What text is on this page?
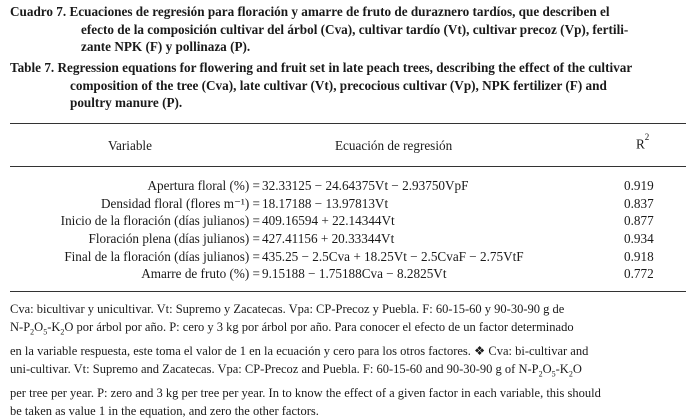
Cuadro 7. Ecuaciones de regresión para floración y amarre de fruto de duraznero tardíos, que describen el
efecto de la composición cultivar del árbol (Cva), cultivar tardío (Vt), cultivar precoz (Vp), fertili-
zante NPK (F) y pollinaza (P).
Table 7. Regression equations for flowering and fruit set in late peach trees, describing the effect of the cultivar
composition of the tree (Cva), late cultivar (Vt), precocious cultivar (Vp), NPK fertilizer (F) and
poultry manure (P).
Variable	Ecuación de regresión	$R^2$
Apertura floral (%) = 32.33125 − 24.64375Vt − 2.93750VpF	0.919
Densidad floral (flores m⁻¹) = 18.17188 − 13.97813Vt	0.837
Inicio de la floración (días julianos) = 409.16594 + 22.14344Vt	0.877
Floración plena (días julianos) = 427.41156 + 20.33344Vt	0.934
Final de la floración (días julianos) = 435.25 − 2.5Cva + 18.25Vt − 2.5CvaF − 2.75VtF	0.918
Amarre de fruto (%) = 9.15188 − 1.75188Cva − 8.2825Vt	0.772
Cva: bicultivar y unicultivar. Vt: Supremo y Zacatecas. Vpa: CP-Precoz y Puebla. F: 60-15-60 y 90-30-90 g de
$N-P_2O_5-K_2O$ por árbol por año. P: cero y 3 kg por árbol por año. Para conocer el efecto de un factor determinado
en la variable respuesta, este toma el valor de 1 en la ecuación y cero para los otros factores. ❖ Cva: bi-cultivar and
uni-cultivar. Vt: Supremo and Zacatecas. Vpa: CP-Precoz and Puebla. F: 60-15-60 and 90-30-90 g of $N-P_2O_5-K_2O$
per tree per year. P: zero and 3 kg per tree per year. In to know the effect of a given factor in each variable, this should
be taken as value 1 in the equation, and zero the other factors.
